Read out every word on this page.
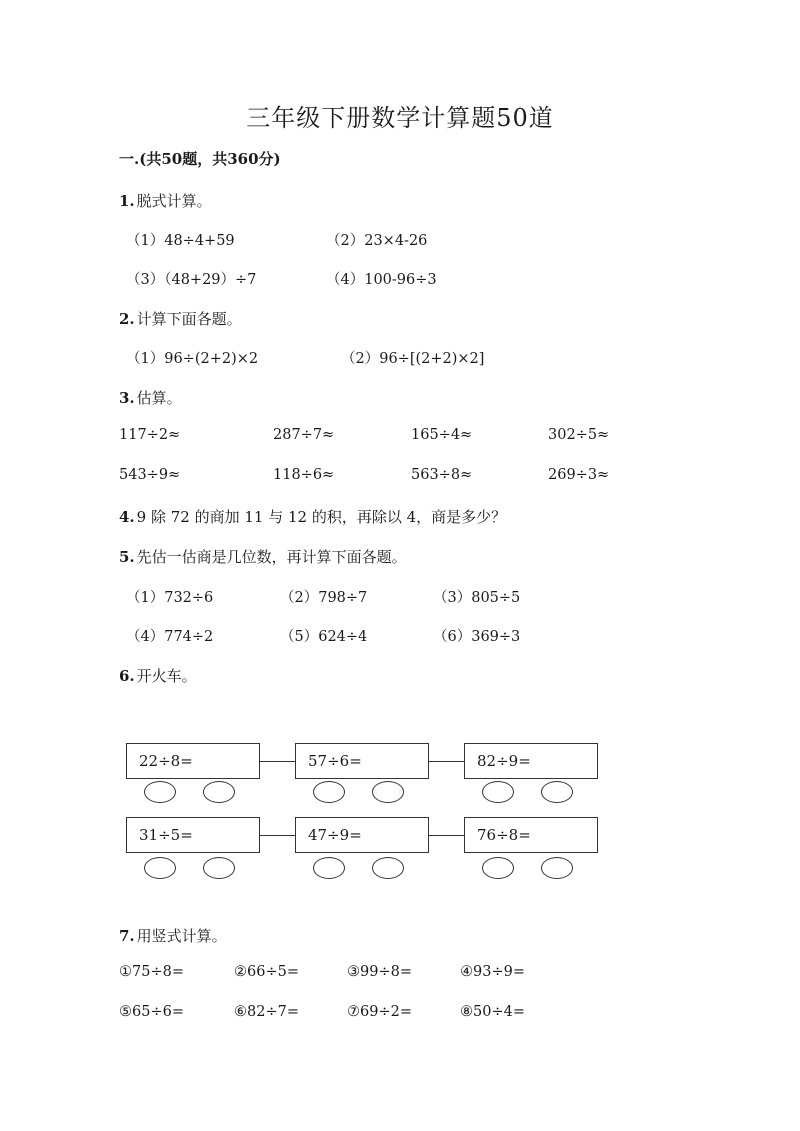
三年级下册数学计算题50道
一.(共50题，共360分)
1. 脱式计算。
（1）48÷4+59	（2）23×4-26
（3）（48+29）÷7	（4）100-96÷3
2. 计算下面各题。
（1）96÷(2+2)×2	（2）96÷[(2+2)×2]
3. 估算。
117÷2≈	287÷7≈	165÷4≈	302÷5≈
543÷9≈	118÷6≈	563÷8≈	269÷3≈
4. 9 除 72 的商加 11 与 12 的积，再除以 4，商是多少？
5. 先估一估商是几位数，再计算下面各题。
（1）732÷6	（2）798÷7	（3）805÷5
（4）774÷2	（5）624÷4	（6）369÷3
6. 开火车。
22÷8=	57÷6=	82÷9=
31÷5=	47÷9=	76÷8=
7. 用竖式计算。
①75÷8=	②66÷5=	③99÷8=	④93÷9=
⑤65÷6=	⑥82÷7=	⑦69÷2=	⑧50÷4=
